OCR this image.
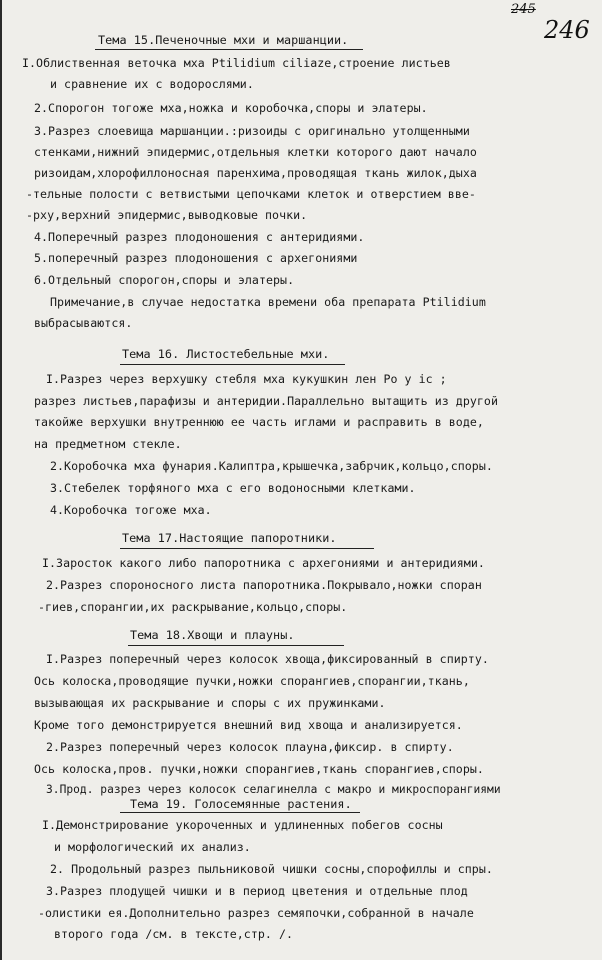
245

246

Тема 15.Печеночные мхи и маршанции.

I.Облиственная веточка мха Ptilidium ciliaze,строение листьев

и сравнение их с водорослями.

2.Спорогон тогоже мха,ножка и коробочка,споры и элатеры.

3.Разрез слоевища маршанции.:ризоиды с оригинально утолщенными

стенками,нижний эпидермис,отдельныя клетки которого дают начало

ризоидам,хлорофиллоносная паренхима,проводящая ткань жилок,дыха

-тельные полости с ветвистыми цепочками клеток и отверстием вве-

-рху,верхний эпидермис,выводковые почки.

4.Поперечный разрез плодоношения с антеридиями.

5.поперечный разрез плодоношения с архегониями

6.Отдельный спорогон,споры и элатеры.

Примечание,в случае недостатка времени оба препарата Ptilidium

выбрасываются.

Тема 16. Листостебельные мхи.

I.Разрез через верхушку стебля мха кукушкин лен Ро у ic ;

разрез листьев,парафизы и антеридии.Параллельно вытащить из другой

такойже верхушки внутреннюю ее часть иглами и расправить в воде,

на предметном стекле.

2.Коробочка мха фунария.Калиптра,крышечка,забрчик,кольцо,споры.

3.Стебелек торфяного мха с его водоносными клетками.

4.Коробочка тогоже мха.

Тема 17.Настоящие папоротники.

I.Заросток какого либо папоротника с архегониями и антеридиями.

2.Разрез спороносного листа папоротника.Покрывало,ножки споран

-гиев,спорангии,их раскрывание,кольцо,споры.

Тема 18.Хвощи и плауны.

I.Разрез поперечный через колосок хвоща,фиксированный в спирту.

Ось колоска,проводящие пучки,ножки спорангиев,спорангии,ткань,

вызывающая их раскрывание и споры с их пружинками.

Кроме того демонстрируется внешний вид хвоща и анализируется.

2.Разрез поперечный через колосок плауна,фиксир. в спирту.

Ось колоска,пров. пучки,ножки спорангиев,ткань спорангиев,споры.

3.Прод. разрез через колосок селагинелла с макро и микроспорангиями

Тема 19. Голосемянные растения.

I.Демонстрирование укороченных и удлиненных побегов сосны

и морфологический их анализ.

2. Продольный разрез пыльниковой чишки сосны,спорофиллы и спры.

3.Разрез плодущей чишки и в период цветения и отдельные плод

-олистики ея.Дополнительно разрез семяпочки,собранной в начале

второго года /см. в тексте,стр. /.
